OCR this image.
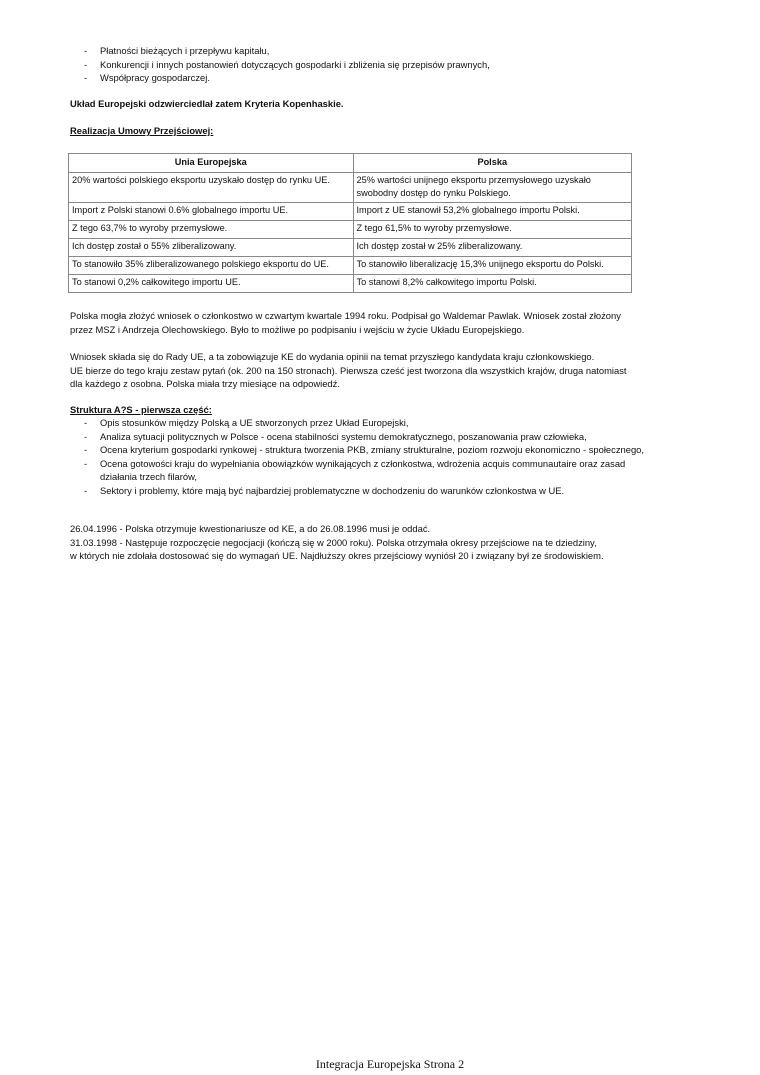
- Płatności bieżących i przepływu kapitału,
- Konkurencji i innych postanowień dotyczących gospodarki i zbliżenia się przepisów prawnych,
- Współpracy gospodarczej.
Układ Europejski odzwierciedlał zatem Kryteria Kopenhaskie.
Realizacja Umowy Przejściowej:
Unia Europejska	Polska
20% wartości polskiego eksportu uzyskało dostęp do rynku UE.	25% wartości unijnego eksportu przemysłowego uzyskało swobodny dostęp do rynku Polskiego.
Import z Polski stanowi 0.6% globalnego importu UE.	Import z UE stanowił 53,2% globalnego importu Polski.
Z tego 63,7% to wyroby przemysłowe.	Z tego 61,5% to wyroby przemysłowe.
Ich dostęp został o 55% zliberalizowany.	Ich dostęp został w 25% zliberalizowany.
To stanowiło 35% zliberalizowanego polskiego eksportu do UE.	To stanowiło liberalizację 15,3% unijnego eksportu do Polski.
To stanowi 0,2% całkowitego importu UE.	To stanowi 8,2% całkowitego importu Polski.
Polska mogła złożyć wniosek o członkostwo w czwartym kwartale 1994 roku. Podpisał go Waldemar Pawlak. Wniosek został złożony
przez MSZ i Andrzeja Olechowskiego. Było to możliwe po podpisaniu i wejściu w życie Układu Europejskiego.
Wniosek składa się do Rady UE, a ta zobowiązuje KE do wydania opinii na temat przyszłego kandydata kraju członkowskiego.
UE bierze do tego kraju zestaw pytań (ok. 200 na 150 stronach). Pierwsza cześć jest tworzona dla wszystkich krajów, druga natomiast
dla każdego z osobna. Polska miała trzy miesiące na odpowiedź.
Struktura A?S - pierwsza część:
- Opis stosunków między Polską a UE stworzonych przez Układ Europejski,
- Analiza sytuacji politycznych w Polsce - ocena stabilności systemu demokratycznego, poszanowania praw człowieka,
- Ocena kryterium gospodarki rynkowej - struktura tworzenia PKB, zmiany strukturalne, poziom rozwoju ekonomiczno - społecznego,
- Ocena gotowości kraju do wypełniania obowiązków wynikających z członkostwa, wdrożenia acquis communautaire oraz zasad działania trzech filarów,
- Sektory i problemy, które mają być najbardziej problematyczne w dochodzeniu do warunków członkostwa w UE.
26.04.1996 - Polska otrzymuje kwestionariusze od KE, a do 26.08.1996 musi je oddać.
31.03.1998 - Następuje rozpoczęcie negocjacji (kończą się w 2000 roku). Polska otrzymała okresy przejściowe na te dziedziny,
w których nie zdołała dostosować się do wymagań UE. Najdłuższy okres przejściowy wyniósł 20 i związany był ze środowiskiem.
Integracja Europejska Strona 2
